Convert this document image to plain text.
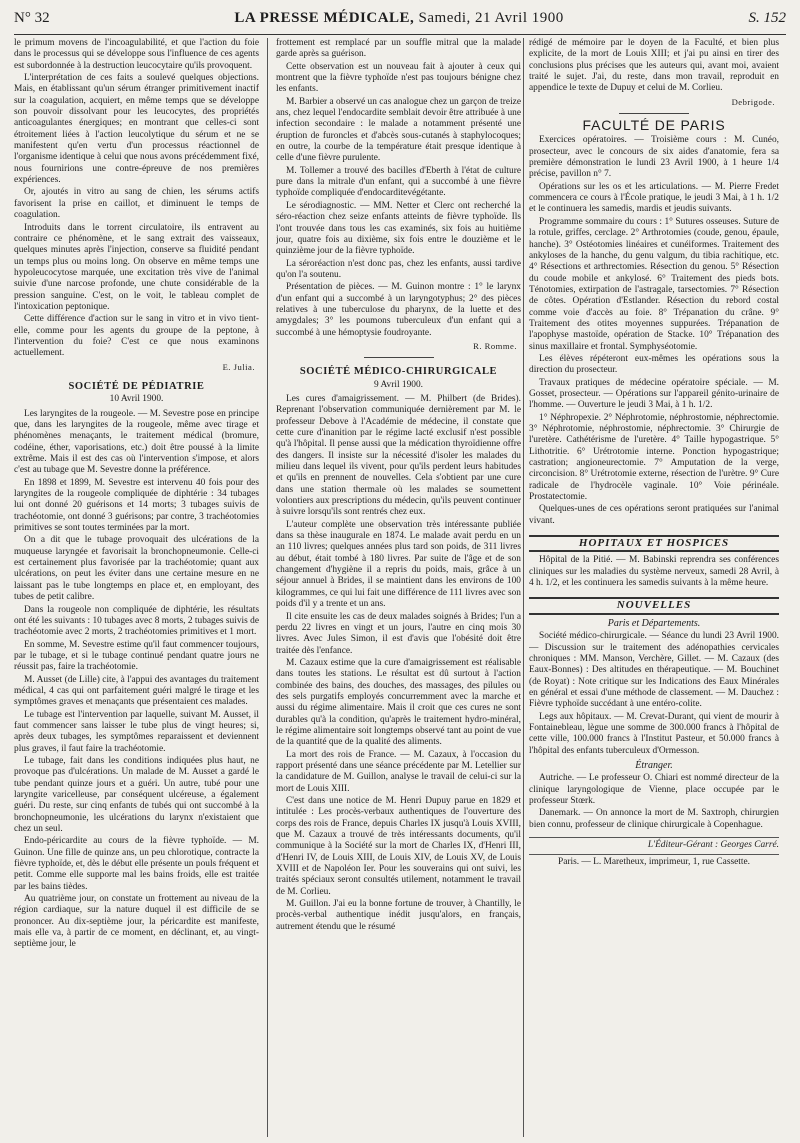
N° 32	LA PRESSE MÉDICALE, Samedi, 21 Avril 1900	S. 152

le primum movens de l'incoagulabilité, et que l'action du foie dans le processus qui se développe sous l'influence de ces agents est subordonnée à la destruction leucocytaire qu'ils provoquent.

L'interprétation de ces faits a soulevé quelques objections. Mais, en établissant qu'un sérum étranger primitivement inactif sur la coagulation, acquiert, en même temps que se développe son pouvoir dissolvant pour les leucocytes, des propriétés anticoagulantes énergiques; en montrant que celles-ci sont étroitement liées à l'action leucolytique du sérum et ne se manifestent qu'en vertu d'un processus réactionnel de l'organisme identique à celui que nous avons précédemment fixé, nous fournirions une contre-épreuve de nos premières expériences.

Or, ajoutés in vitro au sang de chien, les sérums actifs favorisent la prise en caillot, et diminuent le temps de coagulation.

Introduits dans le torrent circulatoire, ils entravent au contraire ce phénomène, et le sang extrait des vaisseaux, quelques minutes après l'injection, conserve sa fluidité pendant un temps plus ou moins long. On observe en même temps une hypoleucocytose marquée, une excitation très vive de l'animal suivie d'une narcose profonde, une chute considérable de la pression sanguine. C'est, on le voit, le tableau complet de l'intoxication peptonique.

Cette différence d'action sur le sang in vitro et in vivo tient-elle, comme pour les agents du groupe de la peptone, à l'intervention du foie? C'est ce que nous examinons actuellement.

E. Julia.
SOCIÉTÉ DE PÉDIATRIE
10 Avril 1900.

Les laryngites de la rougeole. — M. Sevestre pose en principe que, dans les laryngites de la rougeole, même avec tirage et phénomènes menaçants, le traitement médical (bromure, codéine, éther, vaporisations, etc.) doit être poussé à la limite extrême. Mais il est des cas où l'intervention s'impose, et alors c'est au tubage que M. Sevestre donne la préférence.

En 1898 et 1899, M. Sevestre est intervenu 40 fois pour des laryngites de la rougeole compliquée de diphtérie : 34 tubages lui ont donné 20 guérisons et 14 morts; 3 tubages suivis de trachéotomie, ont donné 3 guérisons; par contre, 3 trachéotomies primitives se sont toutes terminées par la mort.

On a dit que le tubage provoquait des ulcérations de la muqueuse laryngée et favorisait la bronchopneumonie. Celle-ci est certainement plus favorisée par la trachéotomie; quant aux ulcérations, on peut les éviter dans une certaine mesure en ne laissant pas le tube longtemps en place et, en employant, des tubes de petit calibre.

Dans la rougeole non compliquée de diphtérie, les résultats ont été les suivants : 10 tubages avec 8 morts, 2 tubages suivis de trachéotomie avec 2 morts, 2 trachéotomies primitives et 1 mort.

En somme, M. Sevestre estime qu'il faut commencer toujours, par le tubage, et si le tubage continué pendant quatre jours ne réussit pas, faire la trachéotomie.

M. Ausset (de Lille) cite, à l'appui des avantages du traitement médical, 4 cas qui ont parfaitement guéri malgré le tirage et les symptômes graves et menaçants que présentaient ces malades.

Le tubage est l'intervention par laquelle, suivant M. Ausset, il faut commencer sans laisser le tube plus de vingt heures; si, après deux tubages, les symptômes reparaissent et deviennent plus graves, il faut faire la trachéotomie.

Le tubage, fait dans les conditions indiquées plus haut, ne provoque pas d'ulcérations. Un malade de M. Ausset a gardé le tube pendant quinze jours et a guéri. Un autre, tubé pour une laryngite varicelleuse, par conséquent ulcéreuse, a également guéri. Du reste, sur cinq enfants de tubés qui ont succombé à la bronchopneumonie, les ulcérations du larynx n'existaient que chez un seul.

Endo-péricardite au cours de la fièvre typhoïde. — M. Guinon. Une fille de quinze ans, un peu chlorotique, contracte la fièvre typhoïde, et, dès le début elle présente un pouls fréquent et petit. Comme elle supporte mal les bains froids, elle est traitée par les bains tièdes.

Au quatrième jour, on constate un frottement au niveau de la région cardiaque, sur la nature duquel il est difficile de se prononcer. Au dix-septième jour, la péricardite est manifeste, mais elle va, à partir de ce moment, en déclinant, et, au vingt-septième jour, le

frottement est remplacé par un souffle mitral que la malade garde après sa guérison.

Cette observation est un nouveau fait à ajouter à ceux qui montrent que la fièvre typhoïde n'est pas toujours bénigne chez les enfants.

M. Barbier a observé un cas analogue chez un garçon de treize ans, chez lequel l'endocardite semblait devoir être attribuée à une infection secondaire : le malade a notamment présenté une éruption de furoncles et d'abcès sous-cutanés à staphylocoques; en outre, la courbe de la température était presque identique à celle d'une fièvre purulente.

M. Tollemer a trouvé des bacilles d'Eberth à l'état de culture pure dans la mitrale d'un enfant, qui a succombé à une fièvre typhoïde compliquée d'endocarditevégétante.

Le sérodiagnostic. — MM. Netter et Clerc ont recherché la séro-réaction chez seize enfants atteints de fièvre typhoïde. Ils l'ont trouvée dans tous les cas examinés, six fois au huitième jour, quatre fois au dixième, six fois entre le douzième et le quinzième jour de la fièvre typhoïde.

La séroréaction n'est donc pas, chez les enfants, aussi tardive qu'on l'a soutenu.

Présentation de pièces. — M. Guinon montre : 1° le larynx d'un enfant qui a succombé à un laryngotyphus; 2° des pièces relatives à une tuberculose du pharynx, de la luette et des amygdales; 3° les poumons tuberculeux d'un enfant qui a succombé à une hémoptysie foudroyante.

R. Romme.
SOCIÉTÉ MÉDICO-CHIRURGICALE
9 Avril 1900.

Les cures d'amaigrissement. — M. Philbert (de Brides). Reprenant l'observation communiquée dernièrement par M. le professeur Debove à l'Académie de médecine, il constate que cette cure d'inanition par le régime lacté exclusif n'est possible qu'à l'hôpital. Il pense aussi que la médication thyroïdienne offre des dangers. Il insiste sur la nécessité d'isoler les malades du milieu dans lequel ils vivent, pour qu'ils perdent leurs habitudes et qu'ils en prennent de nouvelles. Cela s'obtient par une cure dans une station thermale où les malades se soumettent volontiers aux prescriptions du médecin, qu'ils peuvent continuer à suivre lorsqu'ils sont rentrés chez eux.

L'auteur complète une observation très intéressante publiée dans sa thèse inaugurale en 1874. Le malade avait perdu en un an 110 livres; quelques années plus tard son poids, de 311 livres au début, était tombé à 180 livres. Par suite de l'âge et de son changement d'hygiène il a repris du poids, mais, grâce à un séjour annuel à Brides, il se maintient dans les environs de 100 kilogrammes, ce qui lui fait une différence de 111 livres avec son poids d'il y a trente et un ans.

Il cite ensuite les cas de deux malades soignés à Brides; l'un a perdu 22 livres en vingt et un jours, l'autre en cinq mois 30 livres. Avec Jules Simon, il est d'avis que l'obésité doit être traitée dès l'enfance.

M. Cazaux estime que la cure d'amaigrissement est réalisable dans toutes les stations. Le résultat est dû surtout à l'action combinée des bains, des douches, des massages, des pilules ou des sels purgatifs employés concurremment avec la marche et aussi du régime alimentaire. Mais il croit que ces cures ne sont durables qu'à la condition, qu'après le traitement hydro-minéral, le régime alimentaire soit longtemps observé tant au point de vue de la quantité que de la qualité des aliments.

La mort des rois de France. — M. Cazaux, à l'occasion du rapport présenté dans une séance précédente par M. Letellier sur la candidature de M. Guillon, analyse le travail de celui-ci sur la mort de Louis XIII.

C'est dans une notice de M. Henri Dupuy parue en 1829 et intitulée : Les procès-verbaux authentiques de l'ouverture des corps des rois de France, depuis Charles IX jusqu'à Louis XVIII, que M. Cazaux a trouvé de très intéressants documents, qu'il communique à la Société sur la mort de Charles IX, d'Henri III, d'Henri IV, de Louis XIII, de Louis XIV, de Louis XV, de Louis XVIII et de Napoléon Ier. Pour les souverains qui ont suivi, les traités spéciaux seront consultés utilement, notamment le travail de M. Corlieu.

M. Guillon. J'ai eu la bonne fortune de trouver, à Chantilly, le procès-verbal authentique inédit jusqu'alors, en français, autrement étendu que le résumé

rédigé de mémoire par le doyen de la Faculté, et bien plus explicite, de la mort de Louis XIII; et j'ai pu ainsi en tirer des conclusions plus précises que les auteurs qui, avant moi, avaient traité le sujet. J'ai, du reste, dans mon travail, reproduit en appendice le texte de Dupuy et celui de M. Corlieu.

Debrigode.
FACULTÉ DE PARIS

Exercices opératoires. — Troisième cours : M. Cunéo, prosecteur, avec le concours de six aides d'anatomie, fera sa première démonstration le lundi 23 Avril 1900, à 1 heure 1/4 précise, pavillon n° 7.

Opérations sur les os et les articulations. — M. Pierre Fredet commencera ce cours à l'École pratique, le jeudi 3 Mai, à 1 h. 1/2 et le continuera les samedis, mardis et jeudis suivants.

Programme sommaire du cours : 1° Sutures osseuses. Suture de la rotule, griffes, cerclage. 2° Arthrotomies (coude, genou, épaule, hanche). 3° Ostéotomies linéaires et cunéiformes. Traitement des ankyloses de la hanche, du genu valgum, du tibia rachitique, etc. 4° Résections et arthrectomies. Résection du genou. 5° Résection du coude mobile et ankylosé. 6° Traitement des pieds bots. Ténotomies, extirpation de l'astragale, tarsectomies. 7° Résection de côtes. Opération d'Estlander. Résection du rebord costal comme voie d'accès au foie. 8° Trépanation du crâne. 9° Traitement des otites moyennes suppurées. Trépanation de l'apophyse mastoïde, opération de Stacke. 10° Trépanation des sinus maxillaire et frontal. Symphyséotomie.

Les élèves répéteront eux-mêmes les opérations sous la direction du prosecteur.

Travaux pratiques de médecine opératoire spéciale. — M. Gosset, prosecteur. — Opérations sur l'appareil génito-urinaire de l'homme. — Ouverture le jeudi 3 Mai, à 1 h. 1/2.

1° Néphropexie. 2° Néphrotomie, néphrostomie, néphrectomie. 3° Néphrotomie, néphrostomie, néphrectomie. 3° Chirurgie de l'uretère. Cathétérisme de l'uretère. 4° Taille hypogastrique. 5° Lithotritie. 6° Urétrotomie interne. Ponction hypogastrique; castration; angioneurectomie. 7° Amputation de la verge, circoncision. 8° Urétrotomie externe, résection de l'urètre. 9° Cure radicale de l'hydrocèle vaginale. 10° Voie périnéale. Prostatectomie.

Quelques-unes de ces opérations seront pratiquées sur l'animal vivant.

HOPITAUX ET HOSPICES

Hôpital de la Pitié. — M. Babinski reprendra ses conférences cliniques sur les maladies du système nerveux, samedi 28 Avril, à 4 h. 1/2, et les continuera les samedis suivants à la même heure.

NOUVELLES
Paris et Départements.

Société médico-chirurgicale. — Séance du lundi 23 Avril 1900. — Discussion sur le traitement des adénopathies cervicales chroniques : MM. Manson, Verchère, Gillet. — M. Cazaux (des Eaux-Bonnes) : Des altitudes en thérapeutique. — M. Bouchinet (de Royat) : Note critique sur les Indications des Eaux Minérales en général et essai d'une méthode de classement. — M. Dauchez : Fièvre typhoïde succédant à une entéro-colite.

Legs aux hôpitaux. — M. Crevat-Durant, qui vient de mourir à Fontainebleau, lègue une somme de 300.000 francs à l'hôpital de cette ville, 100.000 francs à l'Institut Pasteur, et 50.000 francs à l'hôpital des enfants tuberculeux d'Ormesson.

Étranger.

Autriche. — Le professeur O. Chiari est nommé directeur de la clinique laryngologique de Vienne, place occupée par le professeur Stœrk.

Danemark. — On annonce la mort de M. Saxtroph, chirurgien bien connu, professeur de clinique chirurgicale à Copenhague.

L'Éditeur-Gérant : Georges Carré.
Paris. — L. Maretheux, imprimeur, 1, rue Cassette.
